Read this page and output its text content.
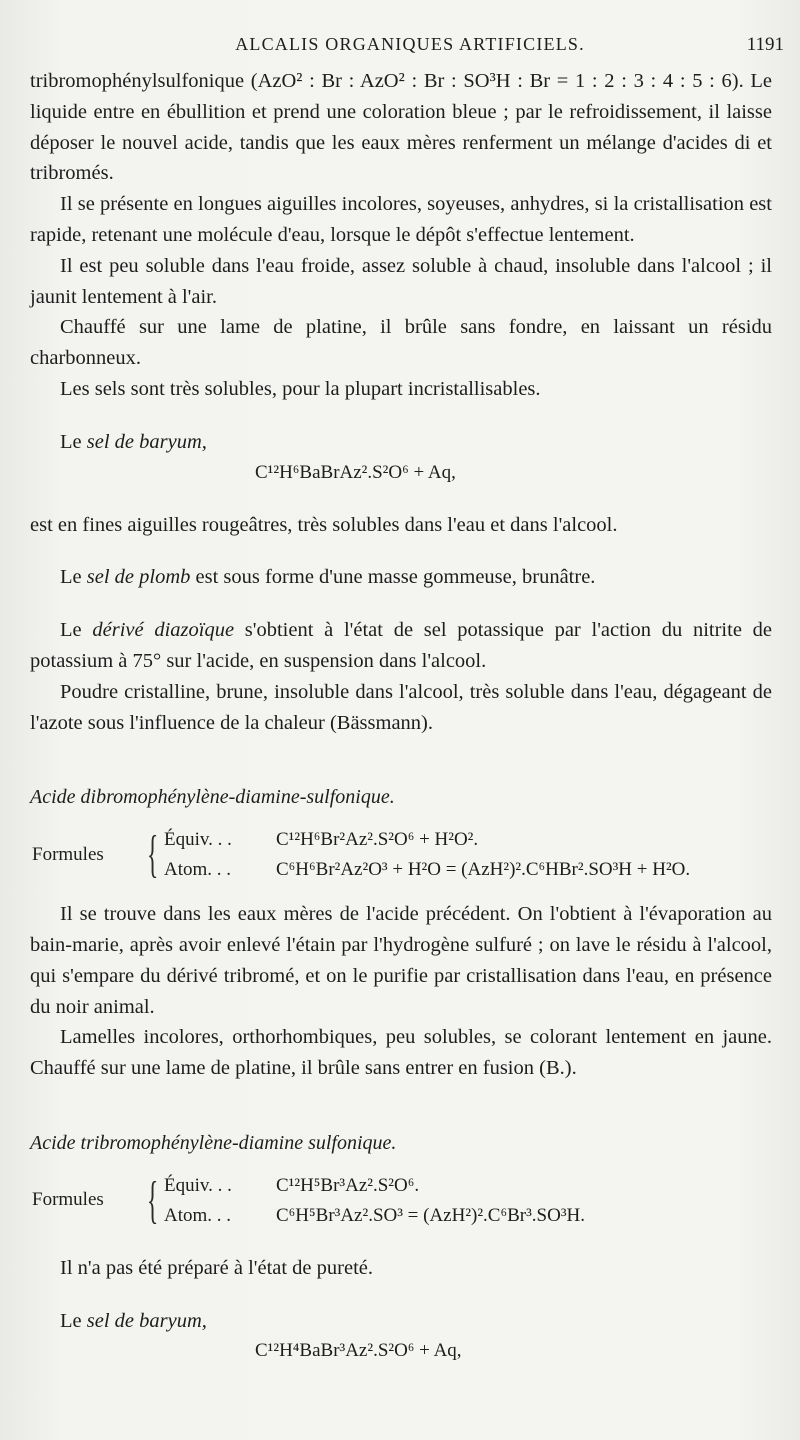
ALCALIS ORGANIQUES ARTIFICIELS.	1191

tribromophénylsulfonique (AzO² : Br : AzO² : Br : SO³H : Br = 1 : 2 : 3 : 4 : 5 : 6). Le liquide entre en ébullition et prend une coloration bleue ; par le refroidissement, il laisse déposer le nouvel acide, tandis que les eaux mères renferment un mélange d'acides di et tribromés.

Il se présente en longues aiguilles incolores, soyeuses, anhydres, si la cristallisation est rapide, retenant une molécule d'eau, lorsque le dépôt s'effectue lentement.

Il est peu soluble dans l'eau froide, assez soluble à chaud, insoluble dans l'alcool ; il jaunit lentement à l'air.

Chauffé sur une lame de platine, il brûle sans fondre, en laissant un résidu charbonneux.

Les sels sont très solubles, pour la plupart incristallisables.

Le sel de baryum,

C¹²H⁶BaBrAz².S²O⁶ + Aq,

est en fines aiguilles rougeâtres, très solubles dans l'eau et dans l'alcool.

Le sel de plomb est sous forme d'une masse gommeuse, brunâtre.

Le dérivé diazoïque s'obtient à l'état de sel potassique par l'action du nitrite de potassium à 75° sur l'acide, en suspension dans l'alcool.

Poudre cristalline, brune, insoluble dans l'alcool, très soluble dans l'eau, dégageant de l'azote sous l'influence de la chaleur (Bässmann).

Acide dibromophénylène-diamine-sulfonique.

Formules { Équiv. . .	C¹²H⁶Br²Az².S²O⁶ + H²O².
Atom. . .	C⁶H⁶Br²Az²O³ + H²O = (AzH²)².C⁶HBr².SO³H + H²O.

Il se trouve dans les eaux mères de l'acide précédent. On l'obtient à l'évaporation au bain-marie, après avoir enlevé l'étain par l'hydrogène sulfuré ; on lave le résidu à l'alcool, qui s'empare du dérivé tribromé, et on le purifie par cristallisation dans l'eau, en présence du noir animal.

Lamelles incolores, orthorhombiques, peu solubles, se colorant lentement en jaune. Chauffé sur une lame de platine, il brûle sans entrer en fusion (B.).

Acide tribromophénylène-diamine sulfonique.

Formules { Équiv. . .	C¹²H⁵Br³Az².S²O⁶.
Atom. . .	C⁶H⁵Br³Az².SO³ = (AzH²)².C⁶Br³.SO³H.

Il n'a pas été préparé à l'état de pureté.

Le sel de baryum,

C¹²H⁴BaBr³Az².S²O⁶ + Aq,
